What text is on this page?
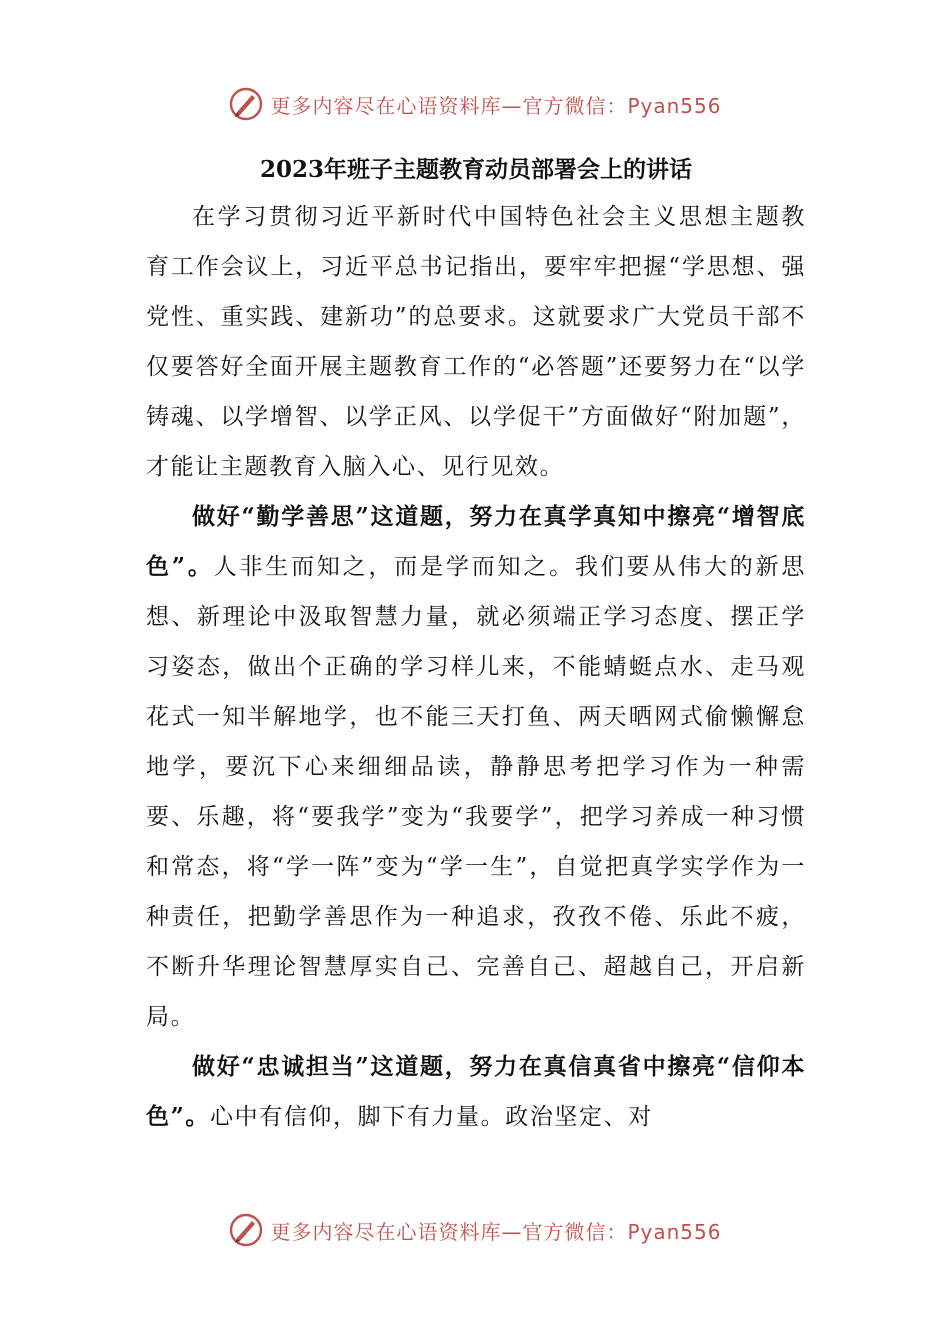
更多内容尽在心语资料库—官方微信：Pyan556
2023年班子主题教育动员部署会上的讲话

在学习贯彻习近平新时代中国特色社会主义思想主题教育工作会议上，习近平总书记指出，要牢牢把握“学思想、强党性、重实践、建新功”的总要求。这就要求广大党员干部不仅要答好全面开展主题教育工作的“必答题”还要努力在“以学铸魂、以学增智、以学正风、以学促干”方面做好“附加题”，才能让主题教育入脑入心、见行见效。

做好“勤学善思”这道题，努力在真学真知中擦亮“增智底色”。人非生而知之，而是学而知之。我们要从伟大的新思想、新理论中汲取智慧力量，就必须端正学习态度、摆正学习姿态，做出个正确的学习样儿来，不能蜻蜓点水、走马观花式一知半解地学，也不能三天打鱼、两天晒网式偷懒懈怠地学，要沉下心来细细品读，静静思考把学习作为一种需要、乐趣，将“要我学”变为“我要学”，把学习养成一种习惯和常态，将“学一阵”变为“学一生”，自觉把真学实学作为一种责任，把勤学善思作为一种追求，孜孜不倦、乐此不疲，不断升华理论智慧厚实自己、完善自己、超越自己，开启新局。

做好“忠诚担当”这道题，努力在真信真省中擦亮“信仰本色”。心中有信仰，脚下有力量。政治坚定、对

更多内容尽在心语资料库—官方微信：Pyan556
